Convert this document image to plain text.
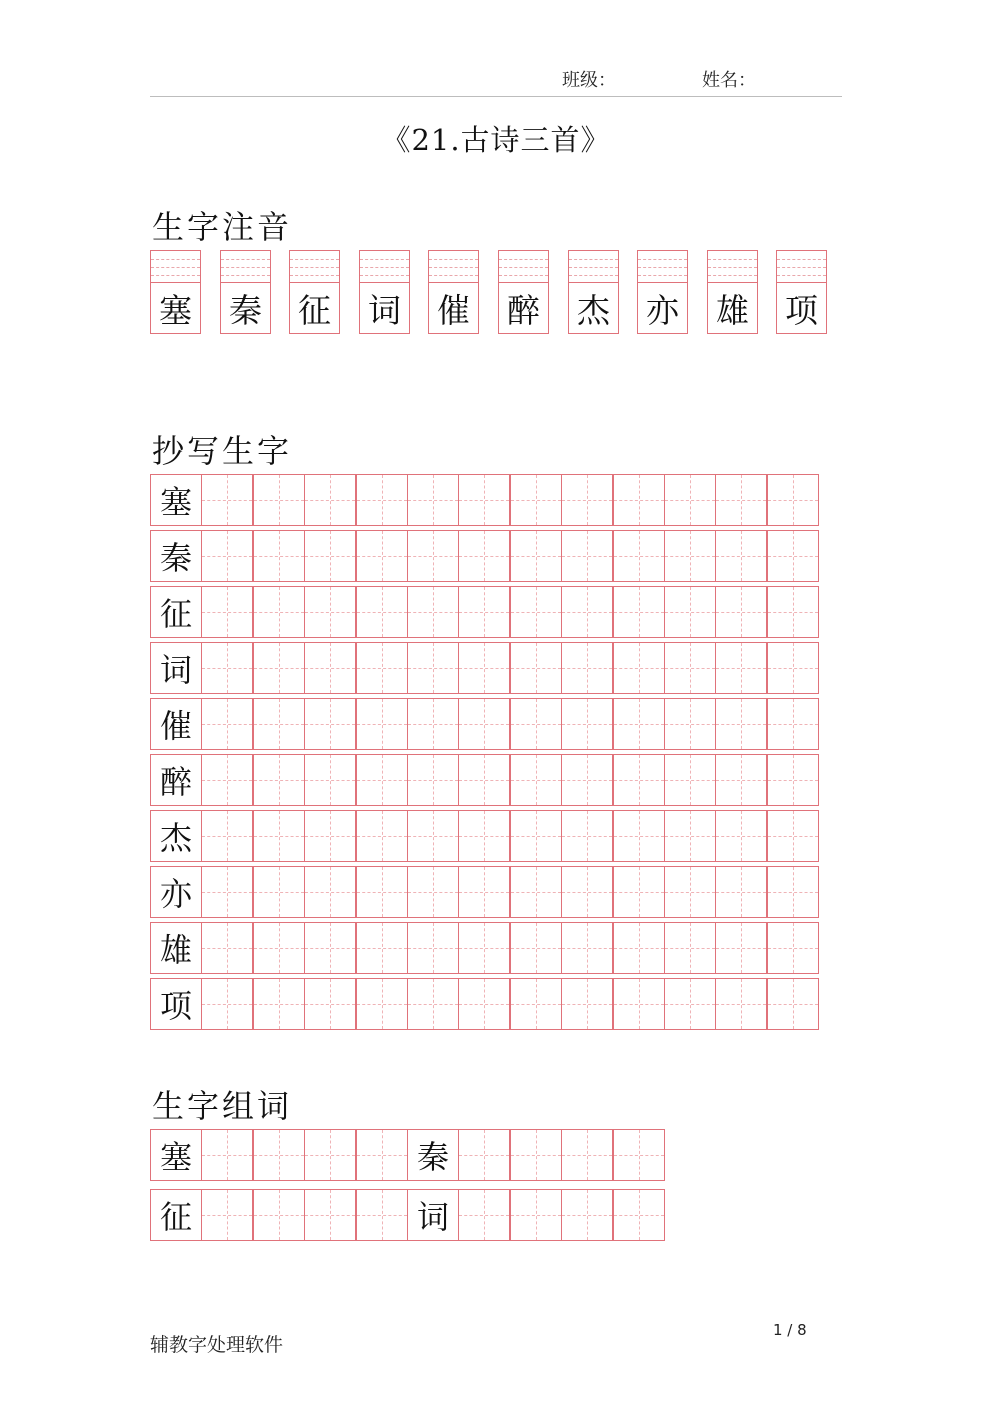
班级：	姓名：
《21.古诗三首》
生字注音
塞 秦 征 词 催 醉 杰 亦 雄 项
抄写生字
塞
秦
征
词
催
醉
杰
亦
雄
项
生字组词
塞	秦
征	词
辅教字处理软件
1 / 8
